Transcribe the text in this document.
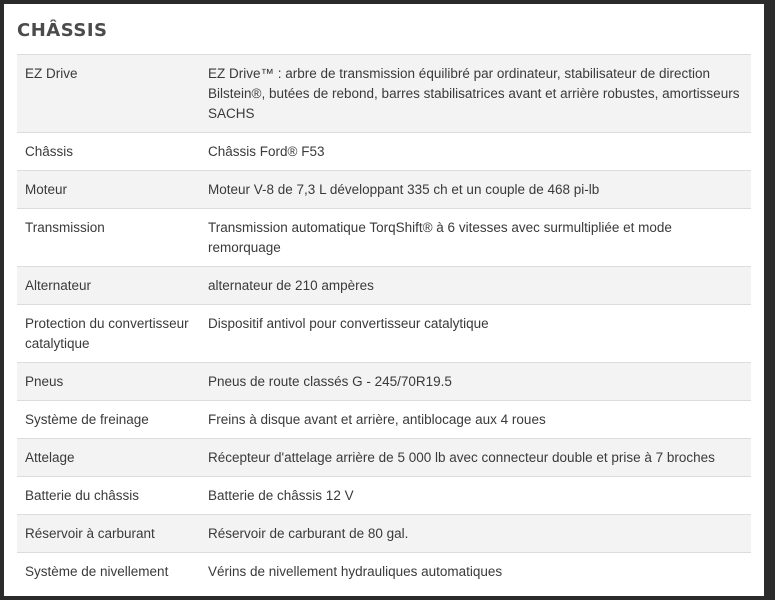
CHÂSSIS
EZ Drive	EZ Drive™ : arbre de transmission équilibré par ordinateur, stabilisateur de direction Bilstein®, butées de rebond, barres stabilisatrices avant et arrière robustes, amortisseurs SACHS
Châssis	Châssis Ford® F53
Moteur	Moteur V-8 de 7,3 L développant 335 ch et un couple de 468 pi-lb
Transmission	Transmission automatique TorqShift® à 6 vitesses avec surmultipliée et mode remorquage
Alternateur	alternateur de 210 ampères
Protection du convertisseur catalytique	Dispositif antivol pour convertisseur catalytique
Pneus	Pneus de route classés G - 245/70R19.5
Système de freinage	Freins à disque avant et arrière, antiblocage aux 4 roues
Attelage	Récepteur d'attelage arrière de 5 000 lb avec connecteur double et prise à 7 broches
Batterie du châssis	Batterie de châssis 12 V
Réservoir à carburant	Réservoir de carburant de 80 gal.
Système de nivellement	Vérins de nivellement hydrauliques automatiques
